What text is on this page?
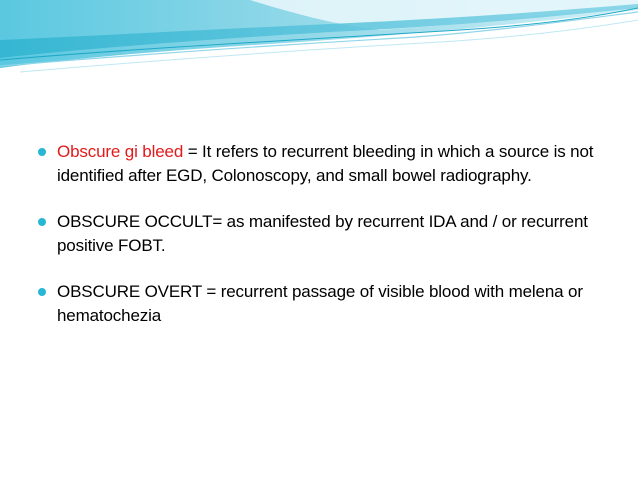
Obscure gi bleed = It refers to recurrent bleeding in which a source is not identified after EGD, Colonoscopy, and small bowel radiography.
OBSCURE OCCULT= as manifested by recurrent IDA and / or recurrent positive FOBT.
OBSCURE OVERT = recurrent passage of visible blood with melena or hematochezia
